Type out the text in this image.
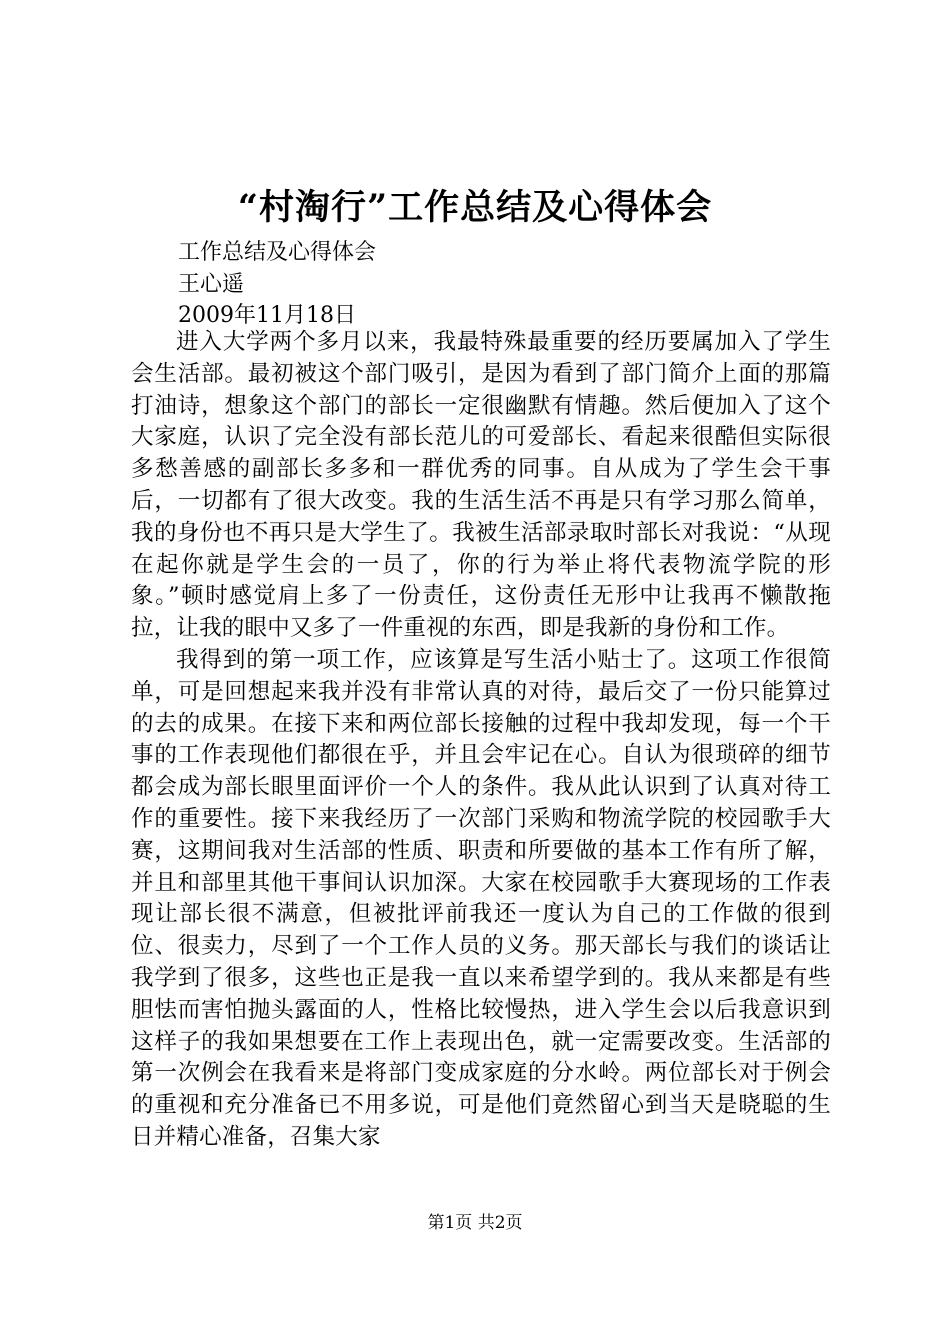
“村淘行”工作总结及心得体会
工作总结及心得体会
王心遥
2009年11月18日

进入大学两个多月以来，我最特殊最重要的经历要属加入了学生会生活部。最初被这个部门吸引，是因为看到了部门简介上面的那篇打油诗，想象这个部门的部长一定很幽默有情趣。然后便加入了这个大家庭，认识了完全没有部长范儿的可爱部长、看起来很酷但实际很多愁善感的副部长多多和一群优秀的同事。自从成为了学生会干事后，一切都有了很大改变。我的生活生活不再是只有学习那么简单，我的身份也不再只是大学生了。我被生活部录取时部长对我说：“从现在起你就是学生会的一员了，你的行为举止将代表物流学院的形象。”顿时感觉肩上多了一份责任，这份责任无形中让我再不懒散拖拉，让我的眼中又多了一件重视的东西，即是我新的身份和工作。

我得到的第一项工作，应该算是写生活小贴士了。这项工作很简单，可是回想起来我并没有非常认真的对待，最后交了一份只能算过的去的成果。在接下来和两位部长接触的过程中我却发现，每一个干事的工作表现他们都很在乎，并且会牢记在心。自认为很琐碎的细节都会成为部长眼里面评价一个人的条件。我从此认识到了认真对待工作的重要性。接下来我经历了一次部门采购和物流学院的校园歌手大赛，这期间我对生活部的性质、职责和所要做的基本工作有所了解，并且和部里其他干事间认识加深。大家在校园歌手大赛现场的工作表现让部长很不满意，但被批评前我还一度认为自己的工作做的很到位、很卖力，尽到了一个工作人员的义务。那天部长与我们的谈话让我学到了很多，这些也正是我一直以来希望学到的。我从来都是有些胆怯而害怕抛头露面的人，性格比较慢热，进入学生会以后我意识到这样子的我如果想要在工作上表现出色，就一定需要改变。生活部的第一次例会在我看来是将部门变成家庭的分水岭。两位部长对于例会的重视和充分准备已不用多说，可是他们竟然留心到当天是晓聪的生日并精心准备，召集大家

第1页 共2页
